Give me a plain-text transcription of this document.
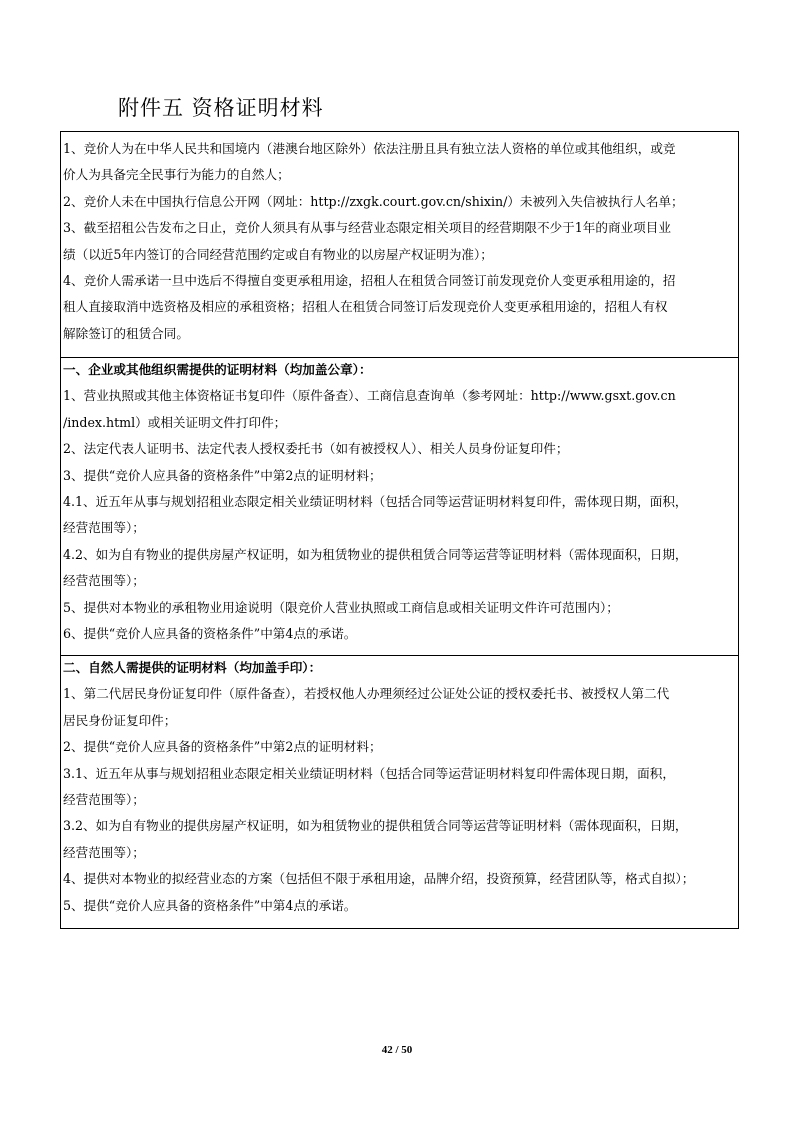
附件五 资格证明材料
1、竞价人为在中华人民共和国境内（港澳台地区除外）依法注册且具有独立法人资格的单位或其他组织，或竞
价人为具备完全民事行为能力的自然人；
2、竞价人未在中国执行信息公开网（网址：http://zxgk.court.gov.cn/shixin/）未被列入失信被执行人名单；
3、截至招租公告发布之日止，竞价人须具有从事与经营业态限定相关项目的经营期限不少于1年的商业项目业
绩（以近5年内签订的合同经营范围约定或自有物业的以房屋产权证明为准）；
4、竞价人需承诺一旦中选后不得擅自变更承租用途，招租人在租赁合同签订前发现竞价人变更承租用途的，招
租人直接取消中选资格及相应的承租资格；招租人在租赁合同签订后发现竞价人变更承租用途的，招租人有权
解除签订的租赁合同。
一、企业或其他组织需提供的证明材料（均加盖公章）：
1、营业执照或其他主体资格证书复印件（原件备查）、工商信息查询单（参考网址：http://www.gsxt.gov.cn
/index.html）或相关证明文件打印件；
2、法定代表人证明书、法定代表人授权委托书（如有被授权人）、相关人员身份证复印件；
3、提供“竞价人应具备的资格条件”中第2点的证明材料；
4.1、近五年从事与规划招租业态限定相关业绩证明材料（包括合同等运营证明材料复印件，需体现日期，面积，
经营范围等）；
4.2、如为自有物业的提供房屋产权证明，如为租赁物业的提供租赁合同等运营等证明材料（需体现面积，日期，
经营范围等）；
5、提供对本物业的承租物业用途说明（限竞价人营业执照或工商信息或相关证明文件许可范围内）；
6、提供“竞价人应具备的资格条件”中第4点的承诺。
二、自然人需提供的证明材料（均加盖手印）：
1、第二代居民身份证复印件（原件备查），若授权他人办理须经过公证处公证的授权委托书、被授权人第二代
居民身份证复印件；
2、提供“竞价人应具备的资格条件”中第2点的证明材料；
3.1、近五年从事与规划招租业态限定相关业绩证明材料（包括合同等运营证明材料复印件需体现日期，面积，
经营范围等）；
3.2、如为自有物业的提供房屋产权证明，如为租赁物业的提供租赁合同等运营等证明材料（需体现面积，日期，
经营范围等）；
4、提供对本物业的拟经营业态的方案（包括但不限于承租用途，品牌介绍，投资预算，经营团队等，格式自拟）；
5、提供“竞价人应具备的资格条件”中第4点的承诺。
42 / 50
